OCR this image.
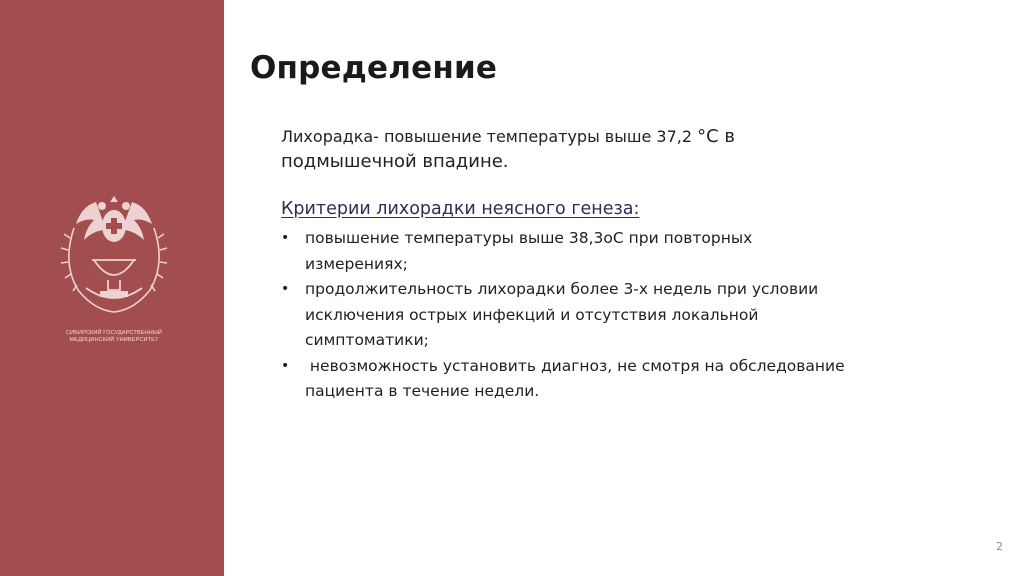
СИБИРСКИЙ ГОСУДАРСТВЕННЫЙ
МЕДИЦИНСКИЙ УНИВЕРСИТЕТ
Определение
Лихорадка- повышение температуры выше 37,2 °С в
подмышечной впадине.
Критерии лихорадки неясного генеза:
• повышение температуры выше 38,3оС при повторных
измерениях;
• продолжительность лихорадки более 3-х недель при условии
исключения острых инфекций и отсутствия локальной
симптоматики;
• невозможность установить диагноз, не смотря на обследование
пациента в течение недели.
2
